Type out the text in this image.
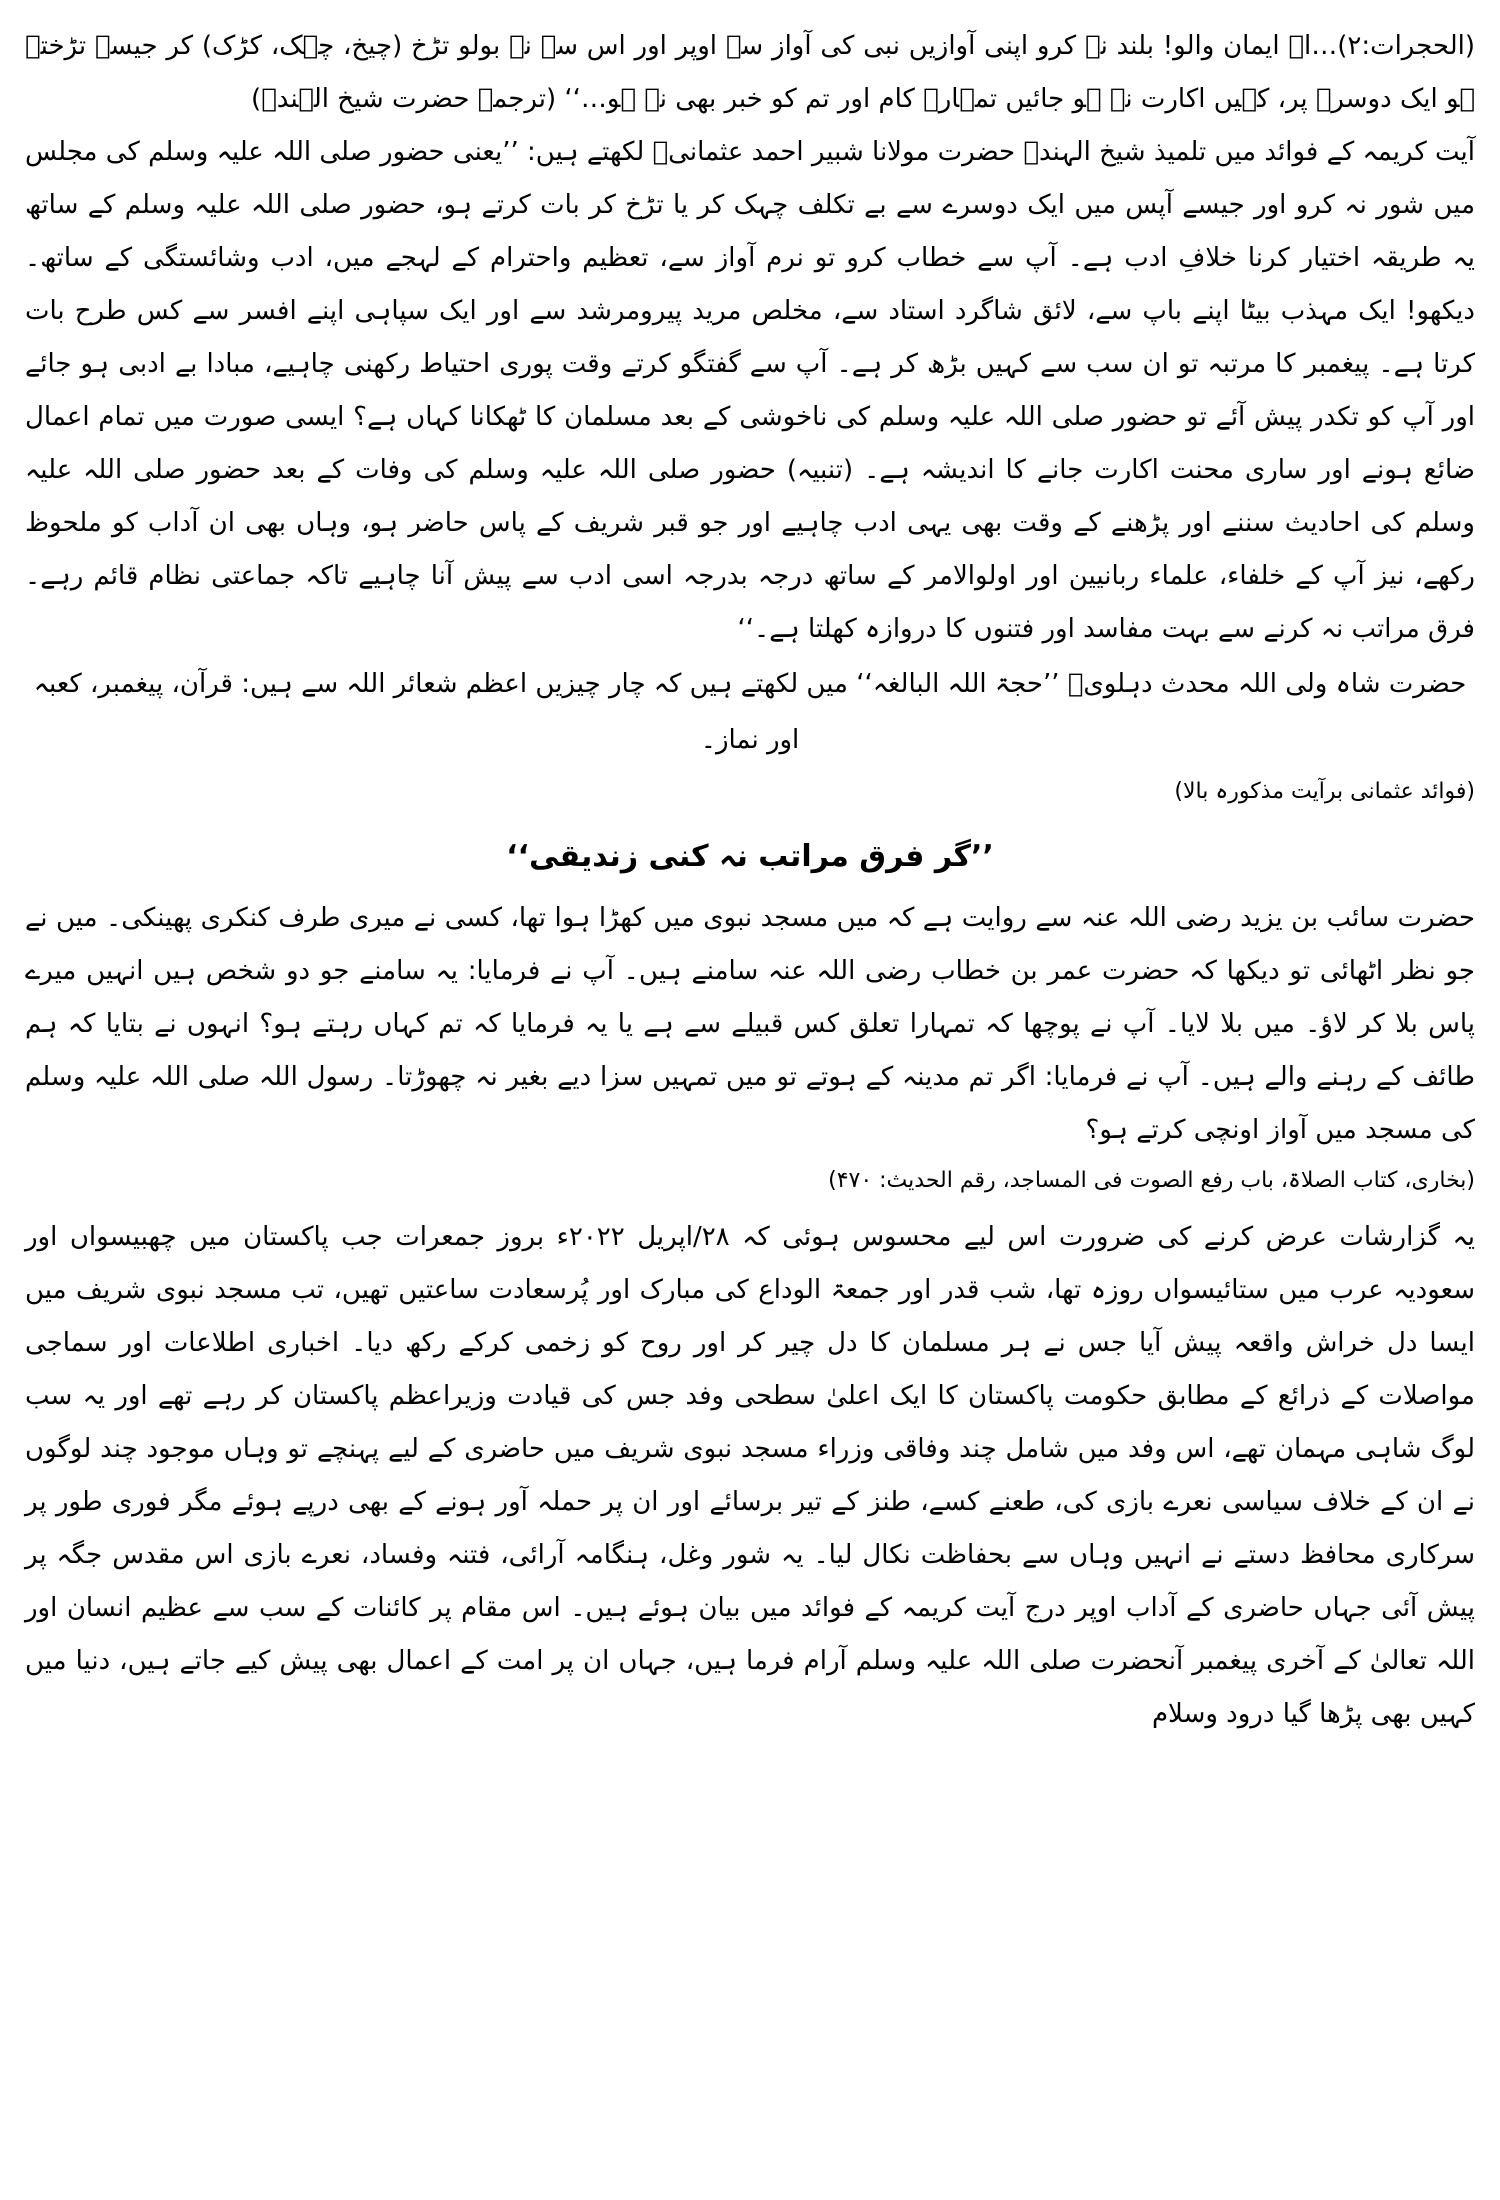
(الحجرات:۲)…اے ایمان والو! بلند نہ کرو اپنی آوازیں نبی کی آواز سے اوپر اور اس سے نہ بولو تڑخ (چیخ، چہک، کڑک) کر جیسے تڑختے ہو ایک دوسرے پر، کہیں اکارت نہ ہو جائیں تمہارے کام اور تم کو خبر بھی نہ ہو…‘‘ (ترجمہ حضرت شیخ الہندؒ)

آیت کریمہ کے فوائد میں تلمیذ شیخ الہندؒ حضرت مولانا شبیر احمد عثمانیؒ لکھتے ہیں: ’’یعنی حضور صلی اللہ علیہ وسلم کی مجلس میں شور نہ کرو اور جیسے آپس میں ایک دوسرے سے بے تکلف چہک کر یا تڑخ کر بات کرتے ہو، حضور صلی اللہ علیہ وسلم کے ساتھ یہ طریقہ اختیار کرنا خلافِ ادب ہے۔ آپ سے خطاب کرو تو نرم آواز سے، تعظیم واحترام کے لہجے میں، ادب وشائستگی کے ساتھ۔ دیکھو! ایک مہذب بیٹا اپنے باپ سے، لائق شاگرد استاد سے، مخلص مرید پیرومرشد سے اور ایک سپاہی اپنے افسر سے کس طرح بات کرتا ہے۔ پیغمبر کا مرتبہ تو ان سب سے کہیں بڑھ کر ہے۔ آپ سے گفتگو کرتے وقت پوری احتیاط رکھنی چاہیے، مبادا بے ادبی ہو جائے اور آپ کو تکدر پیش آئے تو حضور صلی اللہ علیہ وسلم کی ناخوشی کے بعد مسلمان کا ٹھکانا کہاں ہے؟ ایسی صورت میں تمام اعمال ضائع ہونے اور ساری محنت اکارت جانے کا اندیشہ ہے۔ (تنبیہ) حضور صلی اللہ علیہ وسلم کی وفات کے بعد حضور صلی اللہ علیہ وسلم کی احادیث سننے اور پڑھنے کے وقت بھی یہی ادب چاہیے اور جو قبر شریف کے پاس حاضر ہو، وہاں بھی ان آداب کو ملحوظ رکھے، نیز آپ کے خلفاء، علماء ربانیین اور اولوالامر کے ساتھ درجہ بدرجہ اسی ادب سے پیش آنا چاہیے تاکہ جماعتی نظام قائم رہے۔ فرق مراتب نہ کرنے سے بہت مفاسد اور فتنوں کا دروازہ کھلتا ہے۔‘‘

حضرت شاہ ولی اللہ محدث دہلویؒ ’’حجۃ اللہ البالغہ‘‘ میں لکھتے ہیں کہ چار چیزیں اعظم شعائر اللہ سے ہیں: قرآن، پیغمبر، کعبہ اور نماز۔

(فوائد عثمانی برآیت مذکورہ بالا)

’’گر فرق مراتب نہ کنی زندیقی‘‘

حضرت سائب بن یزید رضی اللہ عنہ سے روایت ہے کہ میں مسجد نبوی میں کھڑا ہوا تھا، کسی نے میری طرف کنکری پھینکی۔ میں نے جو نظر اٹھائی تو دیکھا کہ حضرت عمر بن خطاب رضی اللہ عنہ سامنے ہیں۔ آپ نے فرمایا: یہ سامنے جو دو شخص ہیں انہیں میرے پاس بلا کر لاؤ۔ میں بلا لایا۔ آپ نے پوچھا کہ تمہارا تعلق کس قبیلے سے ہے یا یہ فرمایا کہ تم کہاں رہتے ہو؟ انہوں نے بتایا کہ ہم طائف کے رہنے والے ہیں۔ آپ نے فرمایا: اگر تم مدینہ کے ہوتے تو میں تمہیں سزا دیے بغیر نہ چھوڑتا۔ رسول اللہ صلی اللہ علیہ وسلم کی مسجد میں آواز اونچی کرتے ہو؟

(بخاری، کتاب الصلاۃ، باب رفع الصوت فی المساجد، رقم الحدیث: ۴۷۰)

یہ گزارشات عرض کرنے کی ضرورت اس لیے محسوس ہوئی کہ ۲۸/اپریل ۲۰۲۲ء بروز جمعرات جب پاکستان میں چھبیسواں اور سعودیہ عرب میں ستائیسواں روزہ تھا، شب قدر اور جمعۃ الوداع کی مبارک اور پُرسعادت ساعتیں تھیں، تب مسجد نبوی شریف میں ایسا دل خراش واقعہ پیش آیا جس نے ہر مسلمان کا دل چیر کر اور روح کو زخمی کرکے رکھ دیا۔ اخباری اطلاعات اور سماجی مواصلات کے ذرائع کے مطابق حکومت پاکستان کا ایک اعلیٰ سطحی وفد جس کی قیادت وزیراعظم پاکستان کر رہے تھے اور یہ سب لوگ شاہی مہمان تھے، اس وفد میں شامل چند وفاقی وزراء مسجد نبوی شریف میں حاضری کے لیے پہنچے تو وہاں موجود چند لوگوں نے ان کے خلاف سیاسی نعرے بازی کی، طعنے کسے، طنز کے تیر برسائے اور ان پر حملہ آور ہونے کے بھی درپے ہوئے مگر فوری طور پر سرکاری محافظ دستے نے انہیں وہاں سے بحفاظت نکال لیا۔ یہ شور وغل، ہنگامہ آرائی، فتنہ وفساد، نعرے بازی اس مقدس جگہ پر پیش آئی جہاں حاضری کے آداب اوپر درج آیت کریمہ کے فوائد میں بیان ہوئے ہیں۔ اس مقام پر کائنات کے سب سے عظیم انسان اور اللہ تعالیٰ کے آخری پیغمبر آنحضرت صلی اللہ علیہ وسلم آرام فرما ہیں، جہاں ان پر امت کے اعمال بھی پیش کیے جاتے ہیں، دنیا میں کہیں بھی پڑھا گیا درود وسلام
